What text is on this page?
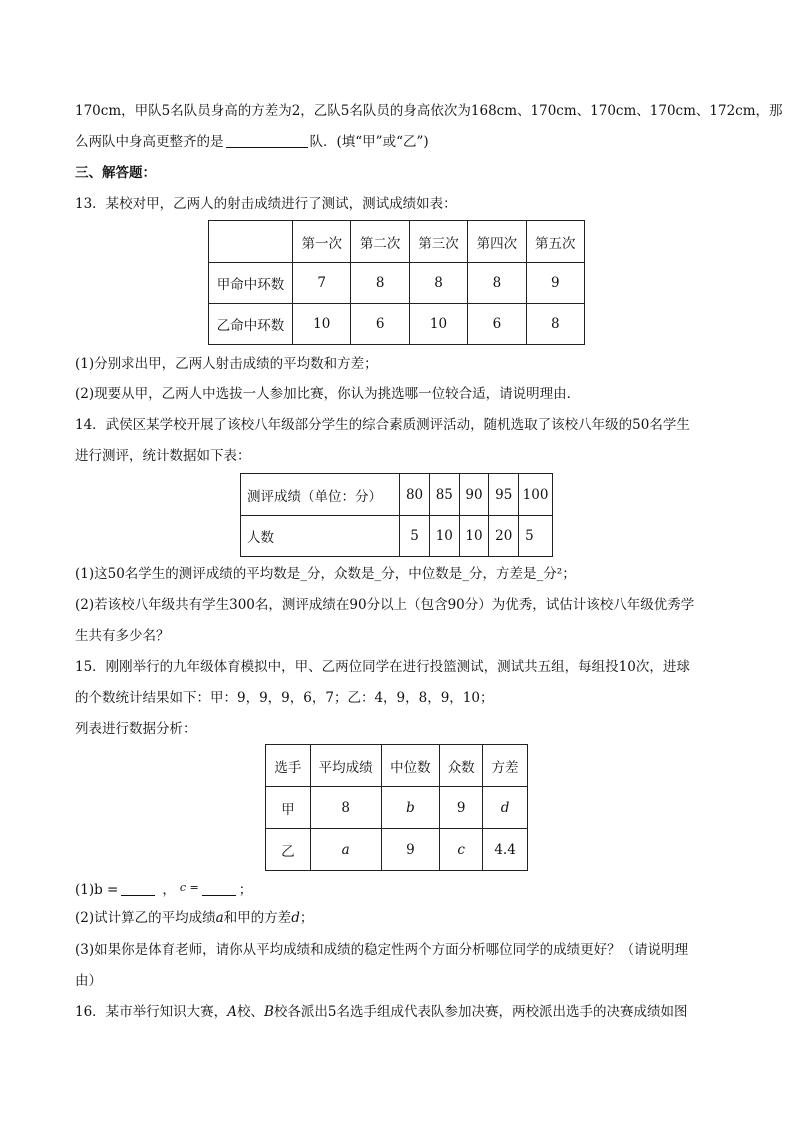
170cm，甲队5名队员身高的方差为2，乙队5名队员的身高依次为168cm、170cm、170cm、170cm、172cm，那
么两队中身高更整齐的是	队．(填“甲”或“乙”)
三、解答题：
13．某校对甲，乙两人的射击成绩进行了测试，测试成绩如表：
	第一次	第二次	第三次	第四次	第五次
甲命中环数	7	8	8	8	9
乙命中环数	10	6	10	6	8
(1)分别求出甲，乙两人射击成绩的平均数和方差；
(2)现要从甲，乙两人中选拔一人参加比赛，你认为挑选哪一位较合适，请说明理由．
14．武侯区某学校开展了该校八年级部分学生的综合素质测评活动，随机选取了该校八年级的50名学生
进行测评，统计数据如下表：
测评成绩（单位：分）	80	85	90	95	100
人数	5	10	10	20	5
(1)这50名学生的测评成绩的平均数是_分，众数是_分，中位数是_分，方差是_分²；
(2)若该校八年级共有学生300名，测评成绩在90分以上（包含90分）为优秀，试估计该校八年级优秀学
生共有多少名？
15．刚刚举行的九年级体育模拟中，甲、乙两位同学在进行投篮测试，测试共五组，每组投10次，进球
的个数统计结果如下：甲：9，9，9，6，7；乙：4，9，8，9，10；
列表进行数据分析：
选手	平均成绩	中位数	众数	方差
甲	8	b	9	d
乙	a	9	c	4.4
(1)b =	， $^{c =}$	；
(2)试计算乙的平均成绩a和甲的方差d；
(3)如果你是体育老师，请你从平均成绩和成绩的稳定性两个方面分析哪位同学的成绩更好？（请说明理
由）
16．某市举行知识大赛，A校、B校各派出5名选手组成代表队参加决赛，两校派出选手的决赛成绩如图
